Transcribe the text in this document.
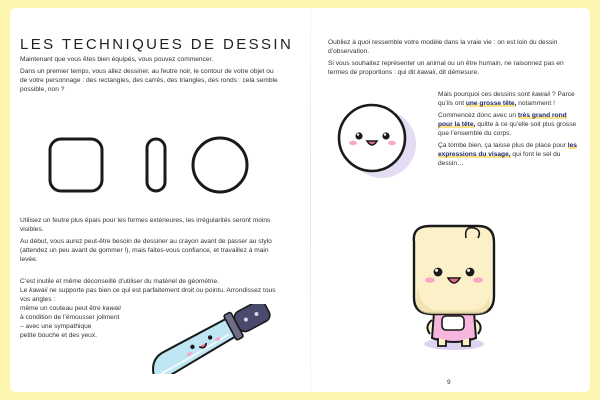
LES TECHNIQUES DE DESSIN

Maintenant que vous êtes bien équipés, vous pouvez commencer.

Dans un premier temps, vous allez dessiner, au feutre noir, le contour de votre objet ou de votre personnage : des rectangles, des carrés, des triangles, des ronds : cela semble possible, non ?

Utilisez un feutre plus épais pour les formes extérieures, les irrégularités seront moins visibles.

Au début, vous aurez peut-être besoin de dessiner au crayon avant de passer au stylo (attendez un peu avant de gommer !), mais faites-vous confiance, et travaillez à main levée.

C’est inutile et même déconseillé d’utiliser du matériel de géométrie.
Le kawaii ne supporte pas bien ce qui est parfaitement droit ou pointu. Arrondissez tous vos angles :
même un couteau peut être kawaii
à condition de l’émousser joliment
– avec une sympathique
petite bouche et des yeux.

Oubliez à quoi ressemble votre modèle dans la vraie vie : on est loin du dessin d’observation.

Si vous souhaitez représenter un animal ou un être humain, ne raisonnez pas en termes de proportions : qui dit kawaii, dit démesure.

Mais pourquoi ces dessins sont kawaii ? Parce qu’ils ont une grosse tête, notamment !

Commencez donc avec un très grand rond pour la tête, quitte à ce qu’elle soit plus grosse que l’ensemble du corps.

Ça tombe bien, ça laisse plus de place pour les expressions du visage, qui font le sel du dessin…

9
